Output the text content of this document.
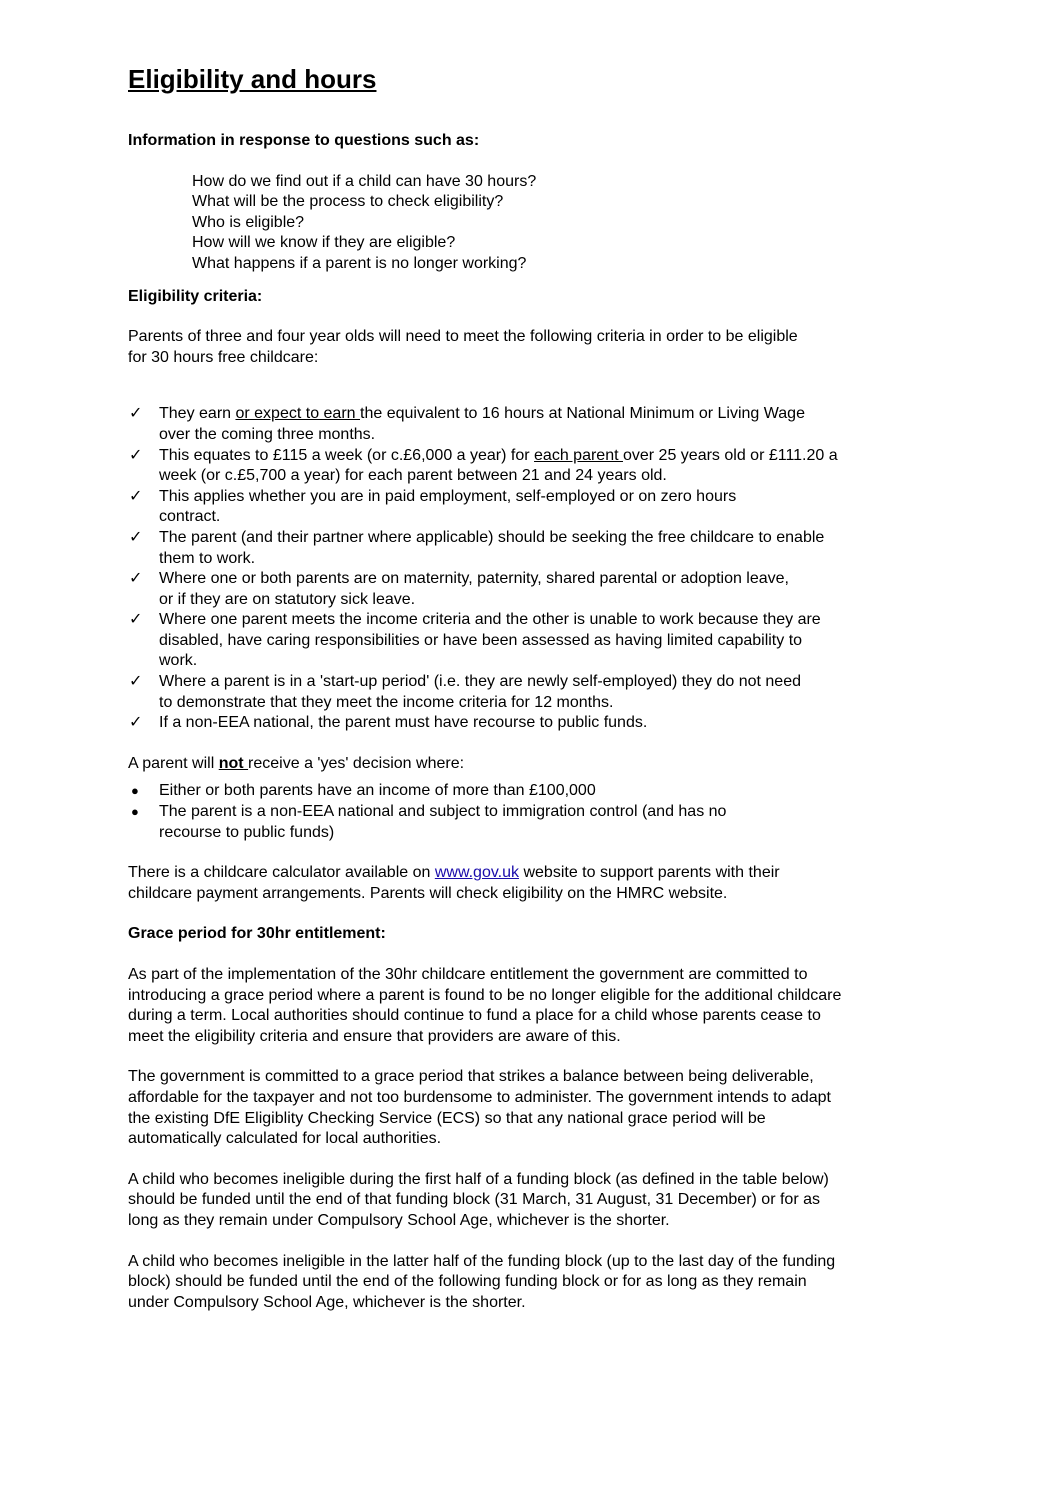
Eligibility and hours

Information in response to questions such as:

How do we find out if a child can have 30 hours?

What will be the process to check eligibility?

Who is eligible?

How will we know if they are eligible?

What happens if a parent is no longer working?

Eligibility criteria:

Parents of three and four year olds will need to meet the following criteria in order to be eligible
for 30 hours free childcare:

✓ They earn or expect to earn the equivalent to 16 hours at National Minimum or Living Wage
over the coming three months.
✓ This equates to £115 a week (or c.£6,000 a year) for each parent over 25 years old or £111.20 a
week (or c.£5,700 a year) for each parent between 21 and 24 years old.
✓ This applies whether you are in paid employment, self-employed or on zero hours
contract.
✓ The parent (and their partner where applicable) should be seeking the free childcare to enable
them to work.
✓ Where one or both parents are on maternity, paternity, shared parental or adoption leave,
or if they are on statutory sick leave.
✓ Where one parent meets the income criteria and the other is unable to work because they are
disabled, have caring responsibilities or have been assessed as having limited capability to
work.
✓ Where a parent is in a 'start-up period' (i.e. they are newly self-employed) they do not need
to demonstrate that they meet the income criteria for 12 months.
✓ If a non-EEA national, the parent must have recourse to public funds.

A parent will not receive a 'yes' decision where:

● Either or both parents have an income of more than £100,000
● The parent is a non-EEA national and subject to immigration control (and has no
recourse to public funds)

There is a childcare calculator available on www.gov.uk website to support parents with their
childcare payment arrangements. Parents will check eligibility on the HMRC website.

Grace period for 30hr entitlement:

As part of the implementation of the 30hr childcare entitlement the government are committed to
introducing a grace period where a parent is found to be no longer eligible for the additional childcare
during a term. Local authorities should continue to fund a place for a child whose parents cease to
meet the eligibility criteria and ensure that providers are aware of this.

The government is committed to a grace period that strikes a balance between being deliverable,
affordable for the taxpayer and not too burdensome to administer. The government intends to adapt
the existing DfE Eligiblity Checking Service (ECS) so that any national grace period will be
automatically calculated for local authorities.

A child who becomes ineligible during the first half of a funding block (as defined in the table below)
should be funded until the end of that funding block (31 March, 31 August, 31 December) or for as
long as they remain under Compulsory School Age, whichever is the shorter.

A child who becomes ineligible in the latter half of the funding block (up to the last day of the funding
block) should be funded until the end of the following funding block or for as long as they remain
under Compulsory School Age, whichever is the shorter.
